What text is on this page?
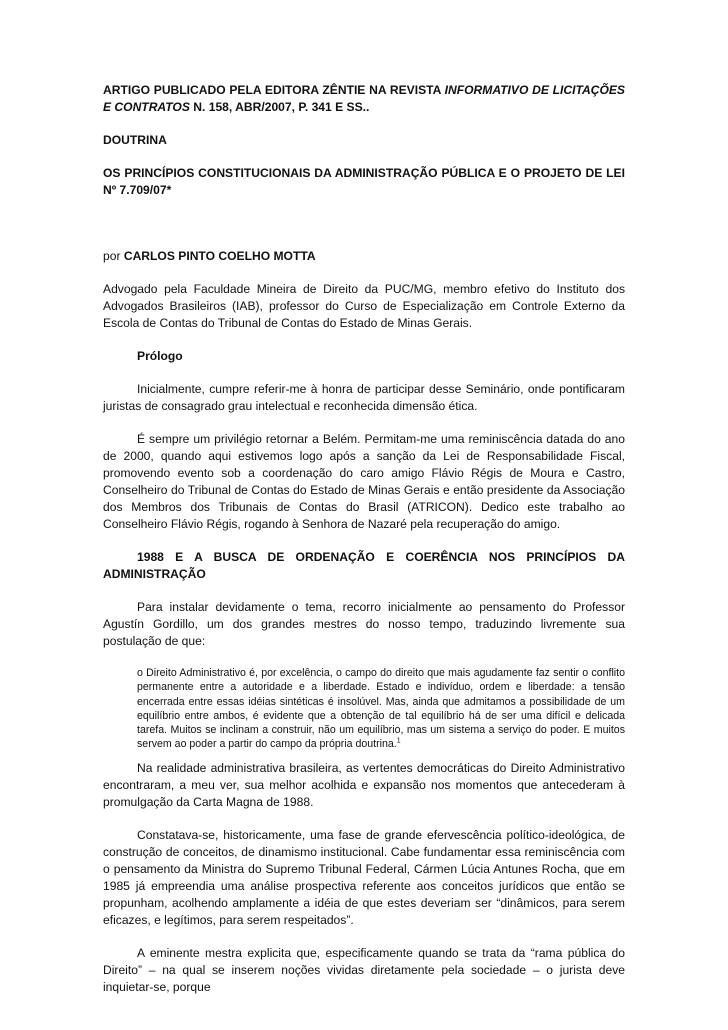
ARTIGO PUBLICADO PELA EDITORA ZÊNTIE NA REVISTA INFORMATIVO DE LICITAÇÕES E CONTRATOS N. 158, ABR/2007, P. 341 E SS..

DOUTRINA

OS PRINCÍPIOS CONSTITUCIONAIS DA ADMINISTRAÇÃO PÚBLICA E O PROJETO DE LEI Nº 7.709/07*

por CARLOS PINTO COELHO MOTTA

Advogado pela Faculdade Mineira de Direito da PUC/MG, membro efetivo do Instituto dos Advogados Brasileiros (IAB), professor do Curso de Especialização em Controle Externo da Escola de Contas do Tribunal de Contas do Estado de Minas Gerais.

Prólogo

Inicialmente, cumpre referir-me à honra de participar desse Seminário, onde pontificaram juristas de consagrado grau intelectual e reconhecida dimensão ética.

É sempre um privilégio retornar a Belém. Permitam-me uma reminiscência datada do ano de 2000, quando aqui estivemos logo após a sanção da Lei de Responsabilidade Fiscal, promovendo evento sob a coordenação do caro amigo Flávio Régis de Moura e Castro, Conselheiro do Tribunal de Contas do Estado de Minas Gerais e então presidente da Associação dos Membros dos Tribunais de Contas do Brasil (ATRICON). Dedico este trabalho ao Conselheiro Flávio Régis, rogando à Senhora de Nazaré pela recuperação do amigo.

1988 E A BUSCA DE ORDENAÇÃO E COERÊNCIA NOS PRINCÍPIOS DA ADMINISTRAÇÃO

Para instalar devidamente o tema, recorro inicialmente ao pensamento do Professor Agustín Gordillo, um dos grandes mestres do nosso tempo, traduzindo livremente sua postulação de que:

o Direito Administrativo é, por excelência, o campo do direito que mais agudamente faz sentir o conflito permanente entre a autoridade e a liberdade. Estado e indivíduo, ordem e liberdade: a tensão encerrada entre essas idéias sintéticas é insolúvel. Mas, ainda que admitamos a possibilidade de um equilíbrio entre ambos, é evidente que a obtenção de tal equilíbrio há de ser uma difícil e delicada tarefa. Muitos se inclinam a construir, não um equilíbrio, mas um sistema a serviço do poder. E muitos servem ao poder a partir do campo da própria doutrina.$^1$

Na realidade administrativa brasileira, as vertentes democráticas do Direito Administrativo encontraram, a meu ver, sua melhor acolhida e expansão nos momentos que antecederam à promulgação da Carta Magna de 1988.

Constatava-se, historicamente, uma fase de grande efervescência político-ideológica, de construção de conceitos, de dinamismo institucional. Cabe fundamentar essa reminiscência com o pensamento da Ministra do Supremo Tribunal Federal, Cármen Lúcia Antunes Rocha, que em 1985 já empreendia uma análise prospectiva referente aos conceitos jurídicos que então se propunham, acolhendo amplamente a idéia de que estes deveriam ser “dinâmicos, para serem eficazes, e legítimos, para serem respeitados”.

A eminente mestra explicita que, especificamente quando se trata da “rama pública do Direito” – na qual se inserem noções vividas diretamente pela sociedade – o jurista deve inquietar-se, porque
